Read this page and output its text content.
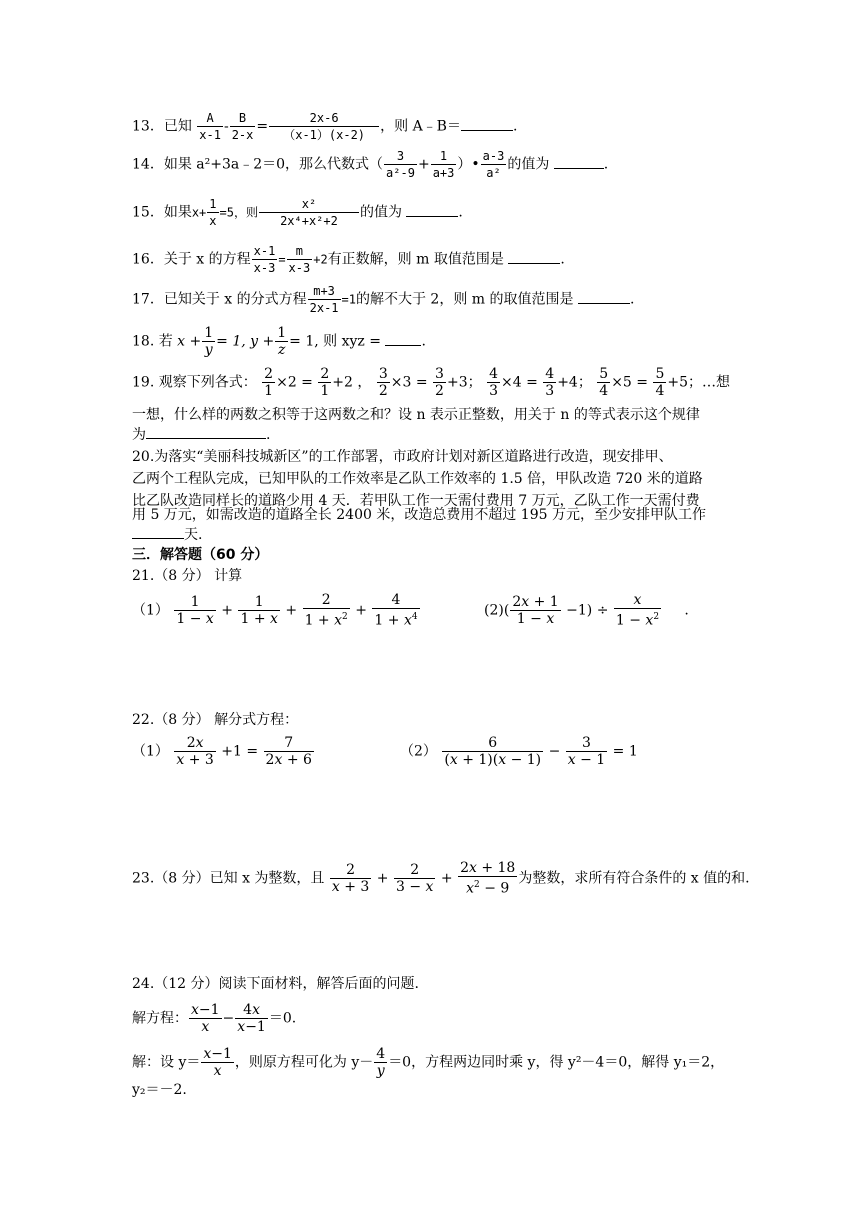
13．已知 $\frac{A}{x-1} - \frac{B}{2-x} = \frac{2x-6}{(x-1)(x-2)}$ ，则 A﹣B＝	.
14．如果 a²+3a﹣2＝0，那么代数式（ $\frac{3}{\text{a²-9}} + \frac{1}{a+3}$ ）• $\frac{a-3}{\text{a²}}$ 的值为	.
15．如果$x+ \frac{1}{x} =5$，则 $\frac{\text{x²}}{\text{2x⁴+x²+2}}$ 的值为	.
16．关于 x 的方程 $\frac{x-1}{x-3} = \frac{m}{x-3} +2$有正数解，则 m 取值范围是	.
17．已知关于 x 的分式方程 $\frac{m+3}{2x-1} =1$的解不大于 2，则 m 的取值范围是	.
18. 若 $x + \frac{1}{y} = 1$, $y + \frac{1}{z} = 1$, 则 xyz =	.
19. 观察下列各式： $\frac{2}{1} \times 2 = \frac{2}{1} +2$ ， $\frac{3}{2} \times 3 = \frac{3}{2} +3$； $\frac{4}{3} \times 4 = \frac{4}{3} +4$； $\frac{5}{4} \times 5 = \frac{5}{4} +5$；…想
一想，什么样的两数之积等于这两数之和？设 n 表示正整数，用关于 n 的等式表示这个规律
为	.
20.为落实“美丽科技城新区”的工作部署，市政府计划对新区道路进行改造，现安排甲、
乙两个工程队完成，已知甲队的工作效率是乙队工作效率的 1.5 倍，甲队改造 720 米的道路
比乙队改造同样长的道路少用 4 天．若甲队工作一天需付费用 7 万元，乙队工作一天需付费
用 5 万元，如需改造的道路全长 2400 米，改造总费用不超过 195 万元，至少安排甲队工作
天.
三．解答题（60 分）
21.（8 分） 计算
$(1) \frac{1}{1 - x} + \frac{1}{1 + x} + \frac{2}{1 + x^2} + \frac{4}{1 + x^4}$	$(2)( \frac{2x + 1}{1 - x} -1) \div \frac{x}{1 - x^2}$ .
22.（8 分） 解分式方程：
$(1) \frac{2x}{x + 3} +1 = \frac{7}{2x + 6}$	$(2) \frac{6}{(x + 1)(x - 1)} - \frac{3}{x - 1} = 1$
23.（8 分）已知 x 为整数，且 $\frac{2}{x + 3} + \frac{2}{3 - x} + \frac{2x + 18}{x^2 - 9}$ 为整数，求所有符合条件的 x 值的和.
24.（12 分）阅读下面材料，解答后面的问题.
解方程： $\frac{x-1}{x} - \frac{4x}{x-1} =0$.
解：设 $y= \frac{x-1}{x}$ ，则原方程可化为 $y- \frac{4}{y} =0$，方程两边同时乘 y，得 y²－4＝0，解得 y₁＝2，
y₂＝－2.
